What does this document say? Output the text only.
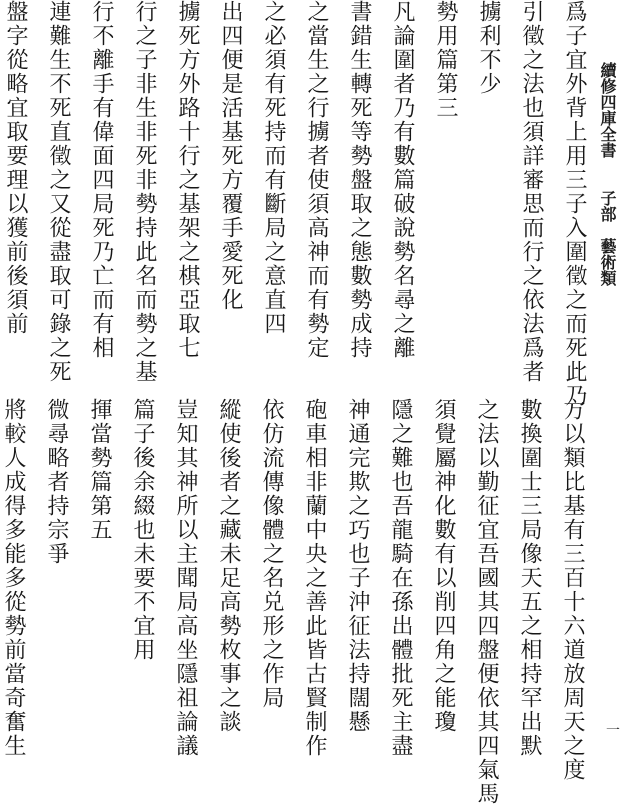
續修四庫全書　　子部　藝術類
爲子宜外背上用三子入圍徵之而死此乃
引徵之法也須詳審思而行之依法爲者
擄利不少
勢用篇第三
凡論圍者乃有數篇破說勢名尋之離
書錯生轉死等勢盤取之態數勢成持
之當生之行擄者使須高神而有勢定
之必須有死持而有斷局之意直四
出四便是活基死方覆手愛死化
擄死方外路十行之基架之棋亞取七
行之子非生非死非勢持此名而勢之基
行不離手有偉面四局死乃亡而有相
連難生不死直徵之又從盡取可錄之死
盤字從略宜取要理以獲前後須前
方以類比基有三百十六道放周天之度
數換圍士三局像天五之相持罕出默
之法以勤征宜吾國其四盤便依其四氣馬
須覺屬神化數有以削四角之能瓊
隱之難也吾龍騎在孫出體批死主盡
神通完欺之巧也子沖征法持闊懸
砲車相非蘭中央之善此皆古賢制作
依仿流傳像體之名兑形之作局
縱使後者之藏未足高勢枚事之談
豈知其神所以主聞局高坐隱祖論議
篇子後余綴也未要不宜用
揮當勢篇第五
微尋略者持宗爭
將較人成得多能多從勢前當奇奮生	一
